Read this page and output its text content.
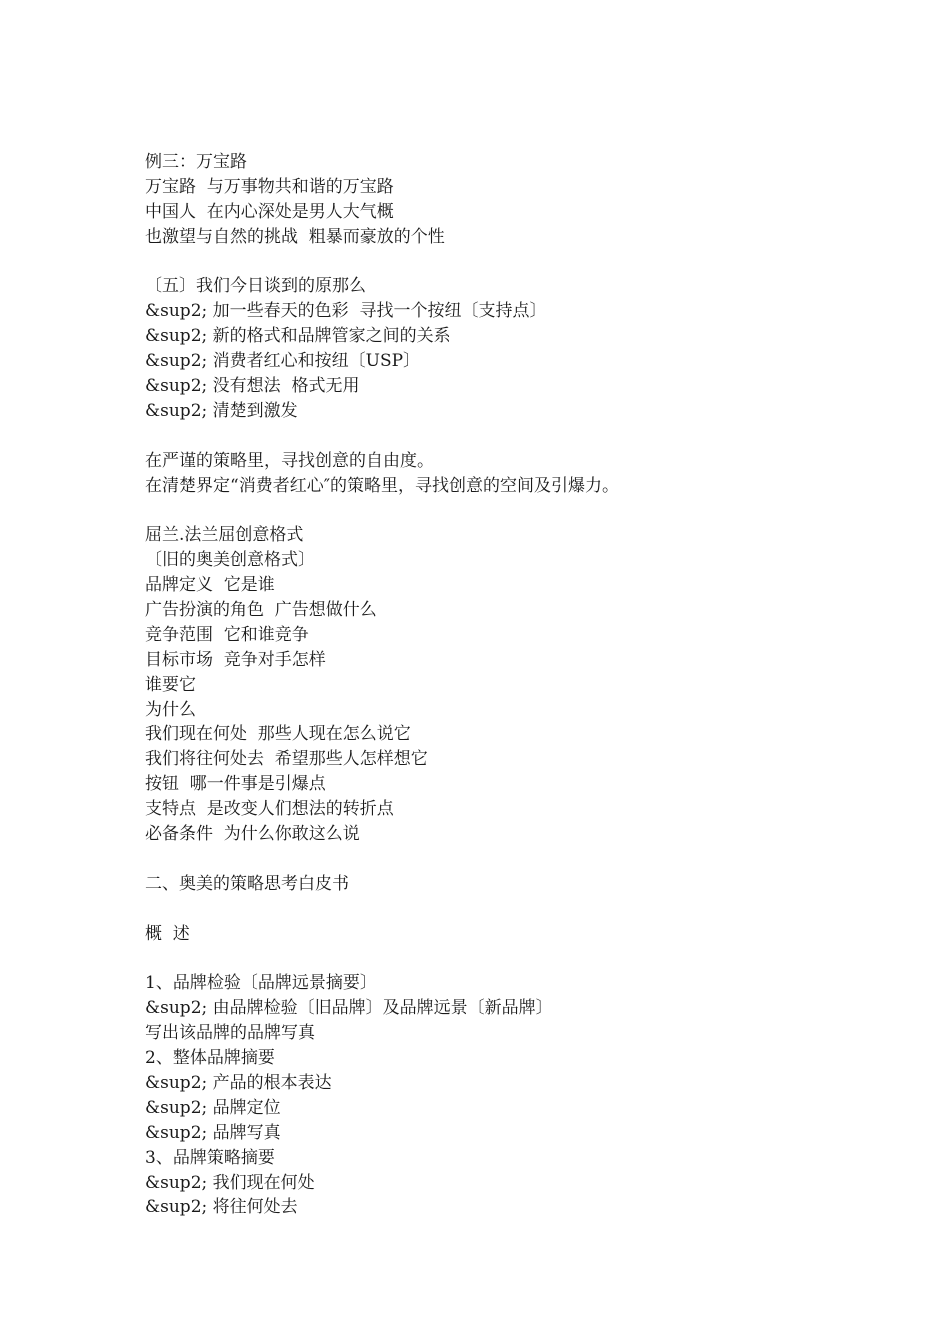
例三：万宝路
万宝路  与万事物共和谐的万宝路
中国人  在内心深处是男人大气概
也激望与自然的挑战  粗暴而豪放的个性
〔五〕我们今日谈到的原那么
&sup2; 加一些春天的色彩  寻找一个按纽〔支持点〕
&sup2; 新的格式和品牌管家之间的关系
&sup2; 消费者红心和按纽〔USP〕
&sup2; 没有想法  格式无用
&sup2; 清楚到激发
在严谨的策略里，寻找创意的自由度。
在清楚界定“消费者红心″的策略里，寻找创意的空间及引爆力。
屈兰.法兰屈创意格式
〔旧的奥美创意格式〕
品牌定义  它是谁
广告扮演的角色  广告想做什么
竞争范围  它和谁竞争
目标市场  竞争对手怎样
谁要它
为什么
我们现在何处  那些人现在怎么说它
我们将往何处去  希望那些人怎样想它
按钮  哪一件事是引爆点
支特点  是改变人们想法的转折点
必备条件  为什么你敢这么说
二、奥美的策略思考白皮书
概  述
1、品牌检验〔品牌远景摘要〕
&sup2; 由品牌检验〔旧品牌〕及品牌远景〔新品牌〕
写出该品牌的品牌写真
2、整体品牌摘要
&sup2; 产品的根本表达
&sup2; 品牌定位
&sup2; 品牌写真
3、品牌策略摘要
&sup2; 我们现在何处
&sup2; 将往何处去
